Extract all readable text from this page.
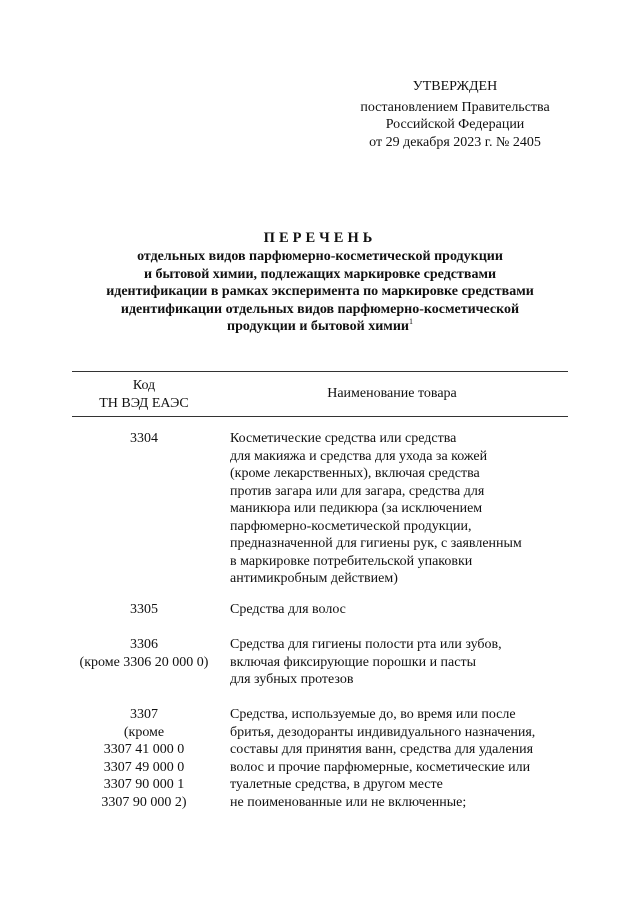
УТВЕРЖДЕН
постановлением Правительства
Российской Федерации
от 29 декабря 2023 г. № 2405
ПЕРЕЧЕНЬ
отдельных видов парфюмерно-косметической продукции
и бытовой химии, подлежащих маркировке средствами
идентификации в рамках эксперимента по маркировке средствами
идентификации отдельных видов парфюмерно-косметической
продукции и бытовой химии$^1$
Код
ТН ВЭД ЕАЭС
Наименование товара
3304	Косметические средства или средства
для макияжа и средства для ухода за кожей
(кроме лекарственных), включая средства
против загара или для загара, средства для
маникюра или педикюра (за исключением
парфюмерно-косметической продукции,
предназначенной для гигиены рук, с заявленным
в маркировке потребительской упаковки
антимикробным действием)
3305	Средства для волос
3306
(кроме 3306 20 000 0)
Средства для гигиены полости рта или зубов,
включая фиксирующие порошки и пасты
для зубных протезов
3307
(кроме
3307 41 000 0
3307 49 000 0
3307 90 000 1
3307 90 000 2)
Средства, используемые до, во время или после
бритья, дезодоранты индивидуального назначения,
составы для принятия ванн, средства для удаления
волос и прочие парфюмерные, косметические или
туалетные средства, в другом месте
не поименованные или не включенные;
